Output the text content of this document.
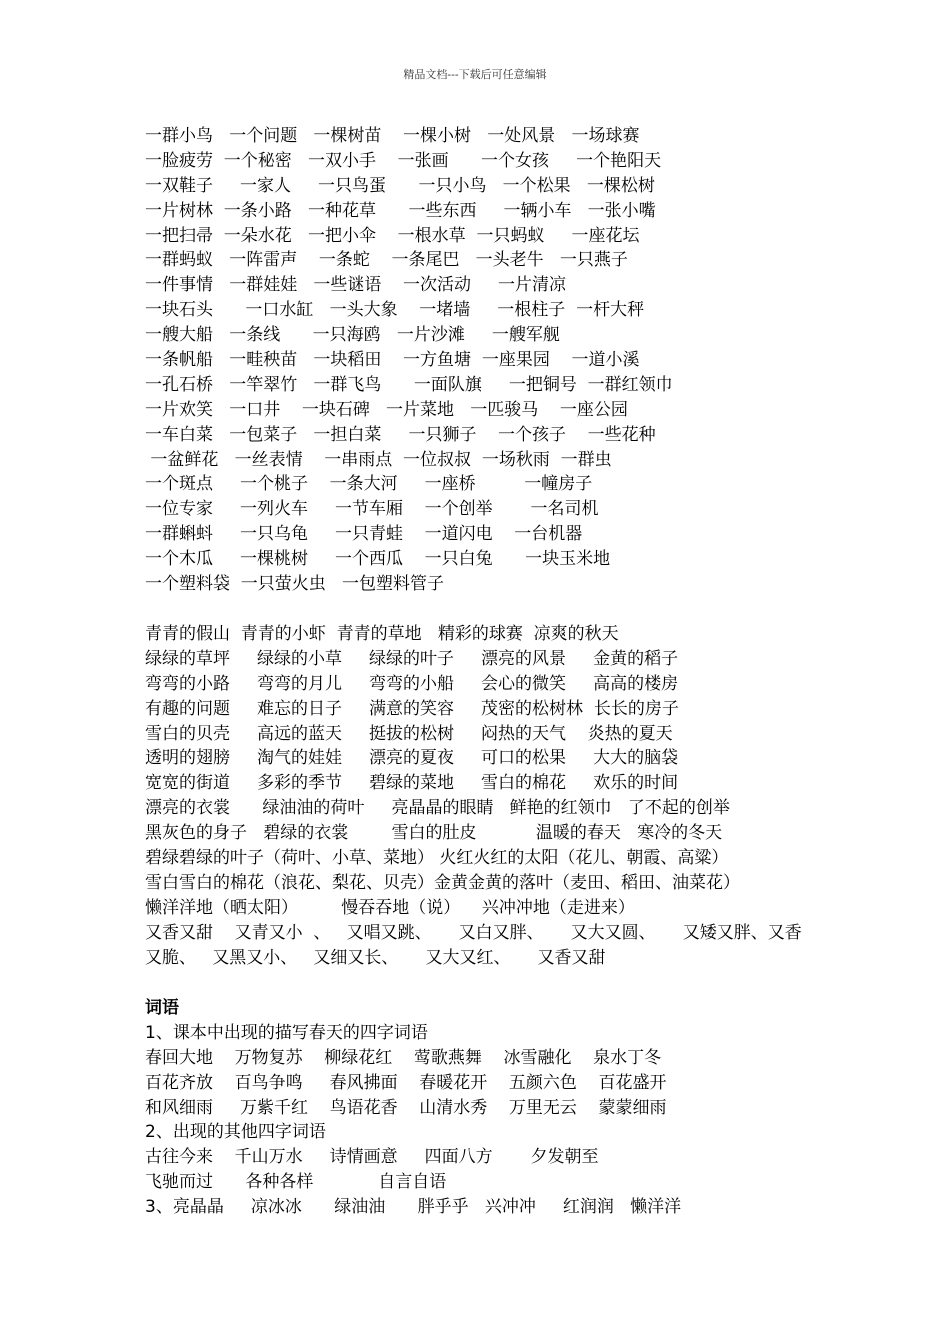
精品文档---下载后可任意编辑
一群小鸟   一个问题   一棵树苗    一棵小树   一处风景   一场球赛
一脸疲劳  一个秘密   一双小手    一张画      一个女孩     一个艳阳天
一双鞋子     一家人     一只鸟蛋      一只小鸟   一个松果   一棵松树
一片树林  一条小路   一种花草      一些东西     一辆小车   一张小嘴
一把扫帚  一朵水花   一把小伞    一根水草  一只蚂蚁     一座花坛
一群蚂蚁   一阵雷声    一条蛇    一条尾巴   一头老牛   一只燕子
一件事情   一群娃娃   一些谜语    一次活动     一片清凉
一块石头      一口水缸   一头大象    一堵墙     一根柱子  一杆大秤
一艘大船   一条线      一只海鸥   一片沙滩     一艘军舰
一条帆船   一畦秧苗   一块稻田    一方鱼塘  一座果园    一道小溪
一孔石桥   一竿翠竹   一群飞鸟      一面队旗     一把铜号  一群红领巾
一片欢笑   一口井    一块石碑   一片菜地   一匹骏马    一座公园
一车白菜   一包菜子   一担白菜     一只狮子    一个孩子    一些花种
一盆鲜花   一丝表情    一串雨点  一位叔叔  一场秋雨  一群虫
一个斑点     一个桃子    一条大河     一座桥         一幢房子
一位专家     一列火车     一节车厢    一个创举       一名司机
一群蝌蚪     一只乌龟     一只青蛙    一道闪电    一台机器
一个木瓜     一棵桃树     一个西瓜    一只白兔      一块玉米地
一个塑料袋  一只萤火虫   一包塑料管子
青青的假山  青青的小虾  青青的草地   精彩的球赛  凉爽的秋天
绿绿的草坪     绿绿的小草     绿绿的叶子     漂亮的风景     金黄的稻子
弯弯的小路     弯弯的月儿     弯弯的小船     会心的微笑     高高的楼房
有趣的问题     难忘的日子     满意的笑容     茂密的松树林  长长的房子
雪白的贝壳     高远的蓝天     挺拔的松树     闷热的天气    炎热的夏天
透明的翅膀     淘气的娃娃     漂亮的夏夜     可口的松果     大大的脑袋
宽宽的街道     多彩的季节     碧绿的菜地     雪白的棉花     欢乐的时间
漂亮的衣裳      绿油油的荷叶     亮晶晶的眼睛   鲜艳的红领巾   了不起的创举
黑灰色的身子   碧绿的衣裳        雪白的肚皮           温暖的春天   寒冷的冬天
碧绿碧绿的叶子（荷叶、小草、菜地） 火红火红的太阳（花儿、朝霞、高粱）
雪白雪白的棉花（浪花、梨花、贝壳）金黄金黄的落叶（麦田、稻田、油菜花）
懒洋洋地（晒太阳）        慢吞吞地（说）    兴冲冲地（走进来）
又香又甜    又青又小  、   又唱又跳、     又白又胖、     又大又圆、     又矮又胖、又香
又脆、   又黑又小、   又细又长、     又大又红、     又香又甜
词语
1、课本中出现的描写春天的四字词语
春回大地    万物复苏    柳绿花红    莺歌燕舞    冰雪融化    泉水丁冬
百花齐放    百鸟争鸣     春风拂面    春暖花开    五颜六色    百花盛开
和风细雨     万紫千红    鸟语花香    山清水秀    万里无云    蒙蒙细雨
2、出现的其他四字词语
古往今来    千山万水     诗情画意     四面八方       夕发朝至
飞驰而过      各种各样            自言自语
3、亮晶晶     凉冰冰      绿油油      胖乎乎   兴冲冲     红润润   懒洋洋
